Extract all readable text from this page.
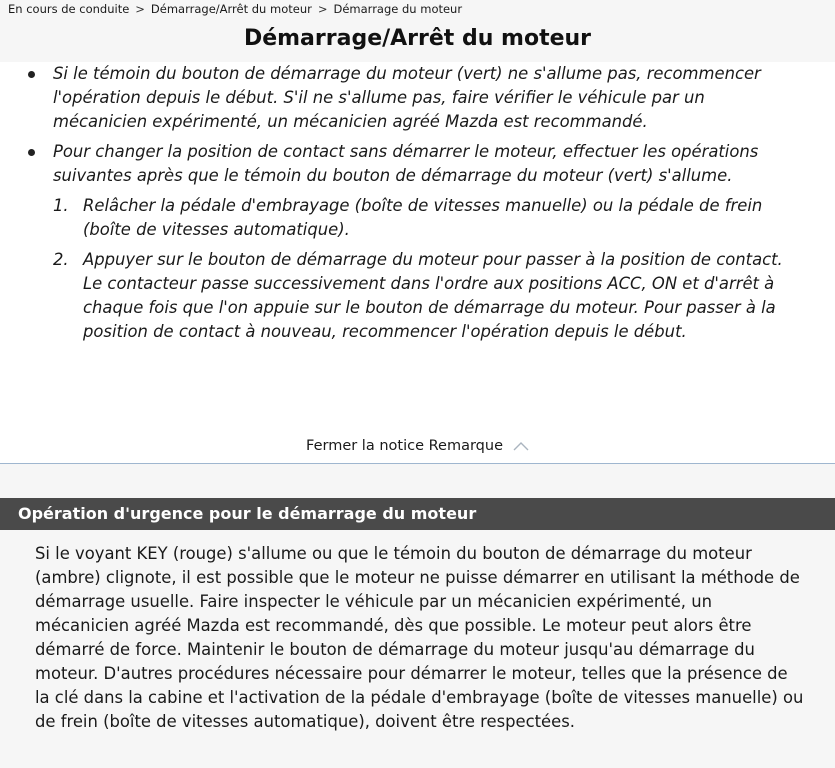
En cours de conduite > Démarrage/Arrêt du moteur > Démarrage du moteur
Démarrage/Arrêt du moteur
Si le témoin du bouton de démarrage du moteur (vert) ne s'allume pas, recommencer l'opération depuis le début. S'il ne s'allume pas, faire vérifier le véhicule par un mécanicien expérimenté, un mécanicien agréé Mazda est recommandé.
Pour changer la position de contact sans démarrer le moteur, effectuer les opérations suivantes après que le témoin du bouton de démarrage du moteur (vert) s'allume.
1. Relâcher la pédale d'embrayage (boîte de vitesses manuelle) ou la pédale de frein (boîte de vitesses automatique).
2. Appuyer sur le bouton de démarrage du moteur pour passer à la position de contact. Le contacteur passe successivement dans l'ordre aux positions ACC, ON et d'arrêt à chaque fois que l'on appuie sur le bouton de démarrage du moteur. Pour passer à la position de contact à nouveau, recommencer l'opération depuis le début.
Fermer la notice Remarque
Opération d'urgence pour le démarrage du moteur

Si le voyant KEY (rouge) s'allume ou que le témoin du bouton de démarrage du moteur (ambre) clignote, il est possible que le moteur ne puisse démarrer en utilisant la méthode de démarrage usuelle. Faire inspecter le véhicule par un mécanicien expérimenté, un mécanicien agréé Mazda est recommandé, dès que possible. Le moteur peut alors être démarré de force. Maintenir le bouton de démarrage du moteur jusqu'au démarrage du moteur. D'autres procédures nécessaire pour démarrer le moteur, telles que la présence de la clé dans la cabine et l'activation de la pédale d'embrayage (boîte de vitesses manuelle) ou de frein (boîte de vitesses automatique), doivent être respectées.
